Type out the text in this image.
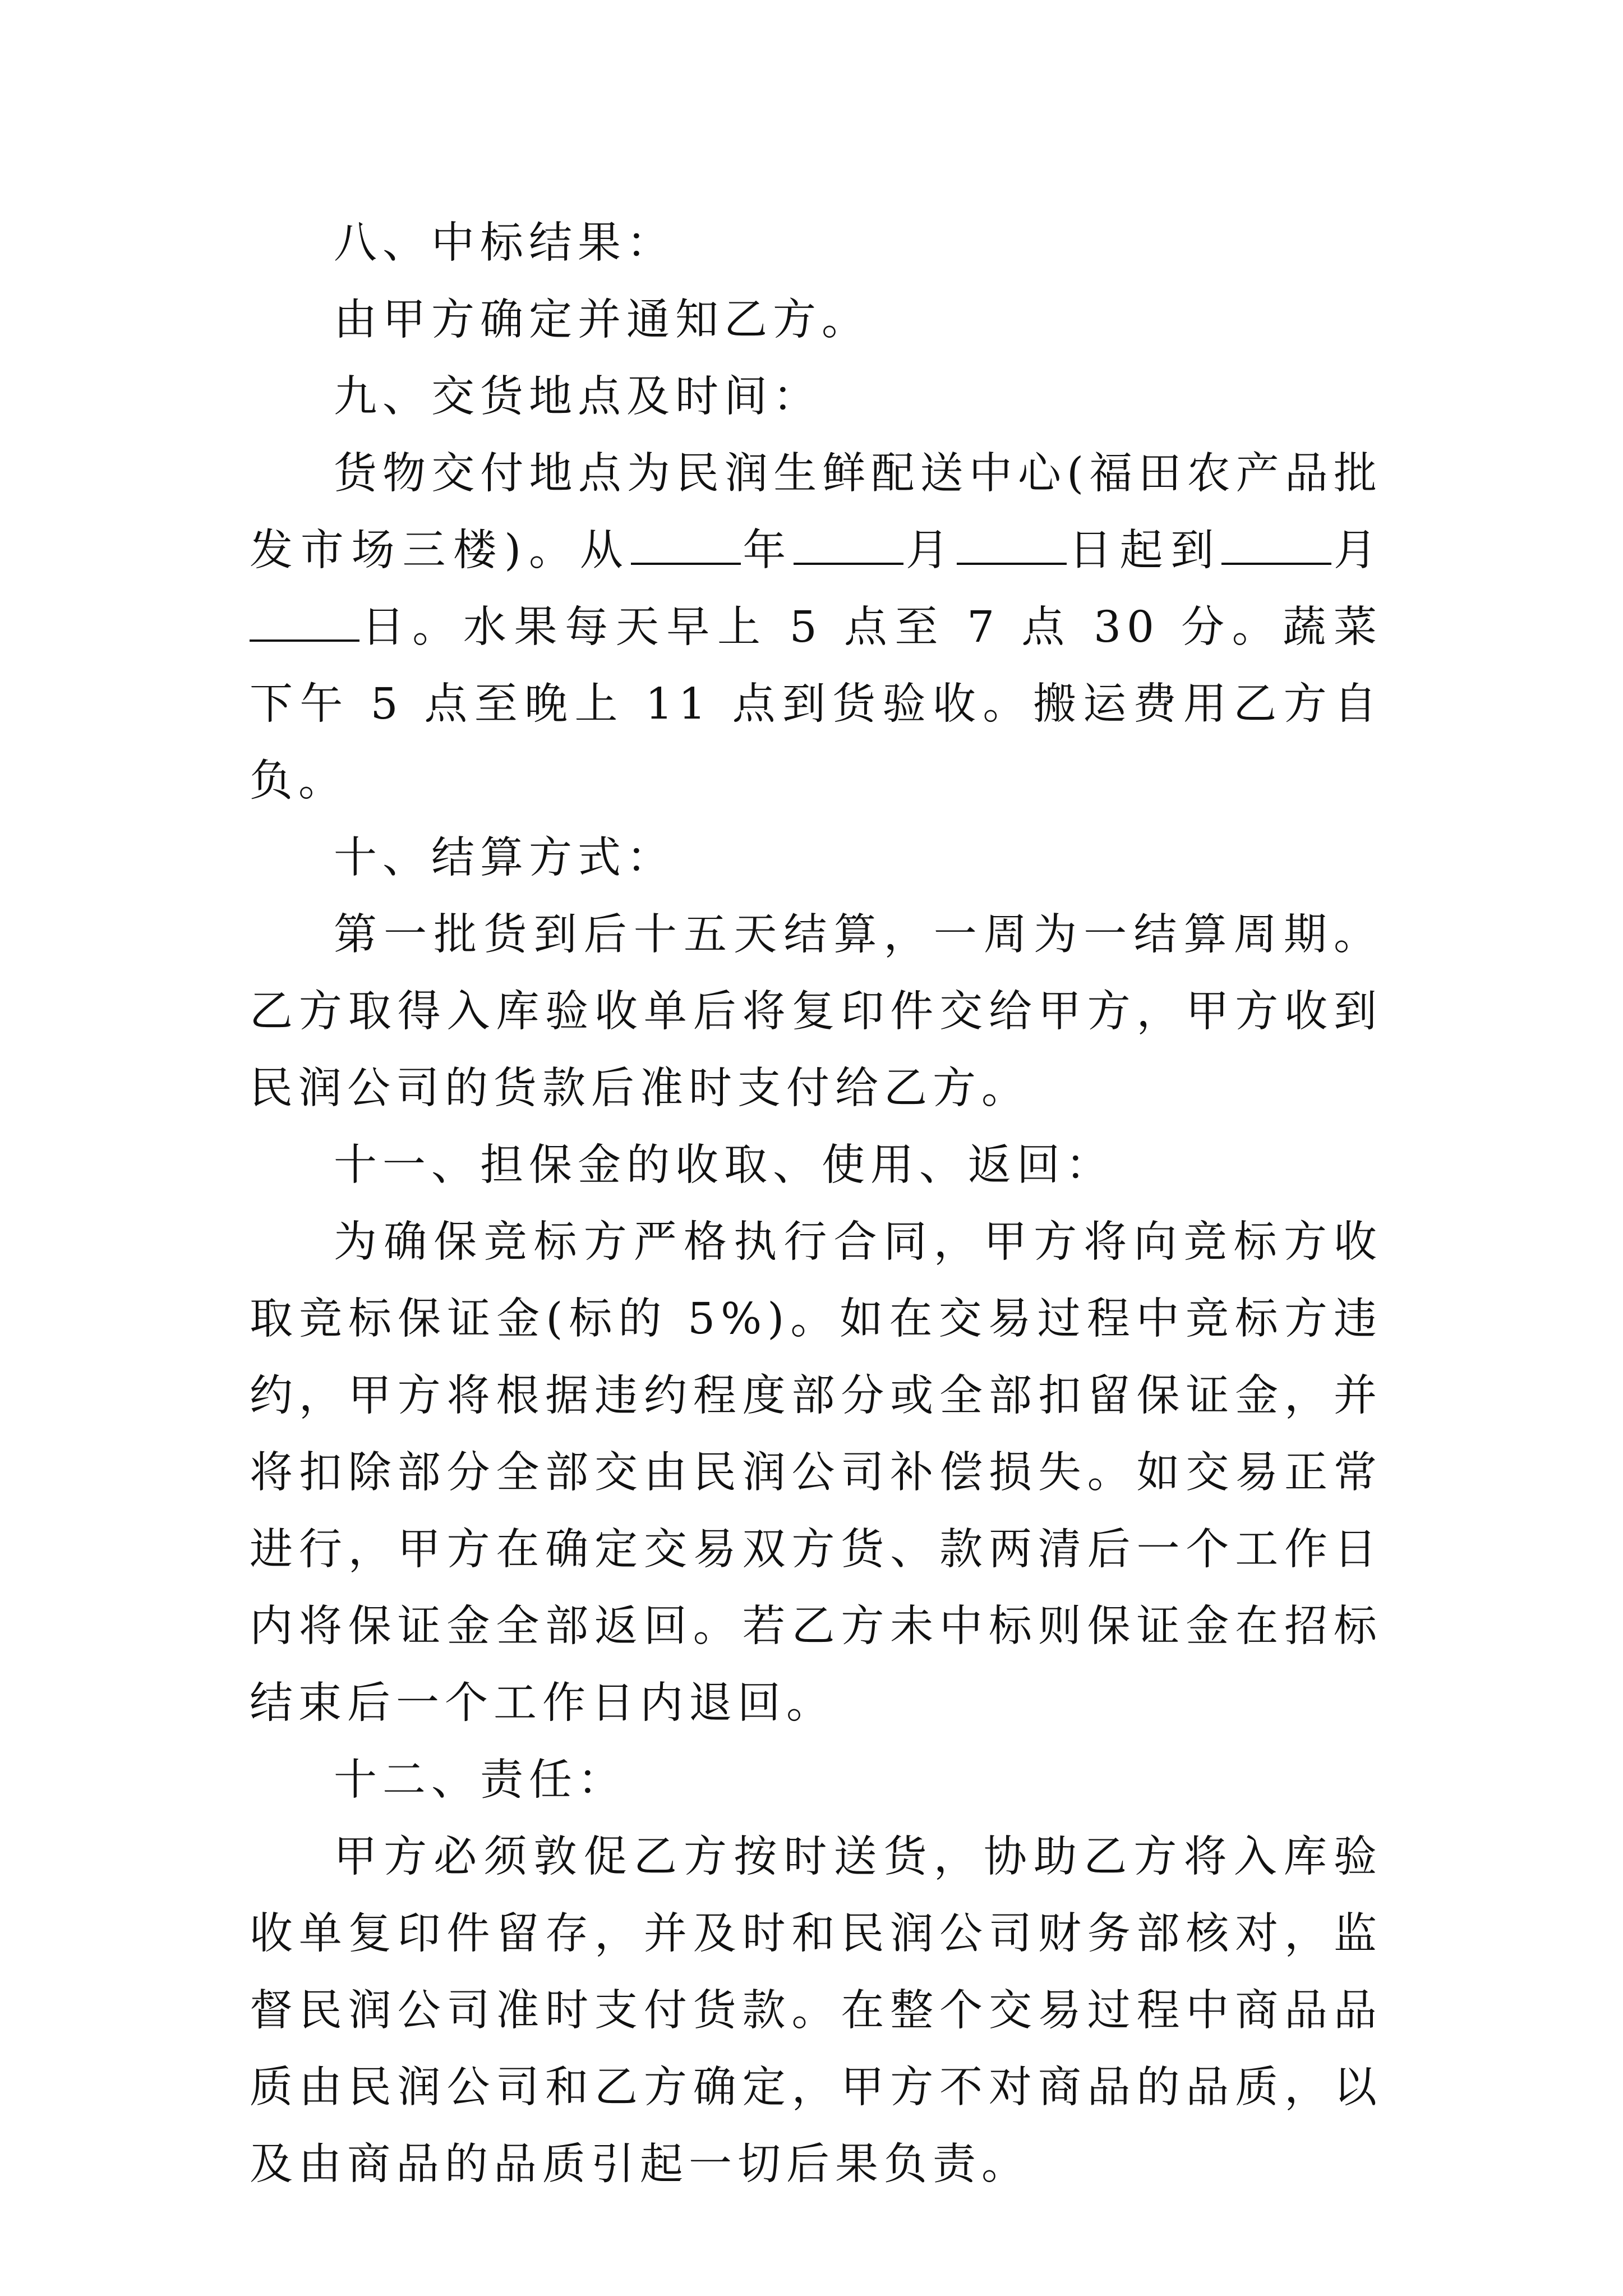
八、中标结果：
由甲方确定并通知乙方。
九、交货地点及时间：
货物交付地点为民润生鲜配送中心(福田农产品批发市场三楼)。从	年	月	日起到	月日。水果每天早上 5 点至 7 点 30 分。蔬菜下午 5 点至晚上 11 点到货验收。搬运费用乙方自负。
十、结算方式：
第一批货到后十五天结算，一周为一结算周期。乙方取得入库验收单后将复印件交给甲方，甲方收到民润公司的货款后准时支付给乙方。
十一、担保金的收取、使用、返回：
为确保竞标方严格执行合同，甲方将向竞标方收取竞标保证金(标的 5%)。如在交易过程中竞标方违约，甲方将根据违约程度部分或全部扣留保证金，并将扣除部分全部交由民润公司补偿损失。如交易正常进行，甲方在确定交易双方货、款两清后一个工作日内将保证金全部返回。若乙方未中标则保证金在招标结束后一个工作日内退回。
十二、责任：
甲方必须敦促乙方按时送货，协助乙方将入库验收单复印件留存，并及时和民润公司财务部核对，监督民润公司准时支付货款。在整个交易过程中商品品质由民润公司和乙方确定，甲方不对商品的品质，以及由商品的品质引起一切后果负责。
